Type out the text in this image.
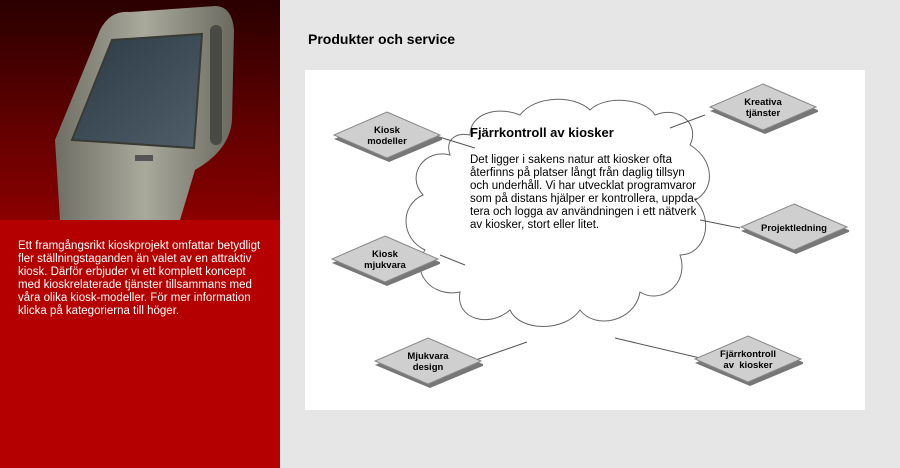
Ett framgångsrikt kioskprojekt omfattar betydligt fler ställningstaganden än valet av en attraktiv kiosk. Därför erbjuder vi ett komplett koncept med kioskrelaterade tjänster tillsammans med våra olika kiosk-modeller. För mer information klicka på kategorierna till höger.

Produkter och service
Fjärrkontroll av kiosker

Det ligger i sakens natur att kiosker ofta återfinns på platser långt från daglig tillsyn och underhåll. Vi har utvecklat programvaror som på distans hjälper er kontrollera, uppda-tera och logga av användningen i ett nätverk av kiosker, stort eller litet.

Kiosk
modeller
Kreativa
tjänster
Projektledning
Kiosk
mjukvara
Mjukvara
design
Fjärrkontroll
av  kiosker
